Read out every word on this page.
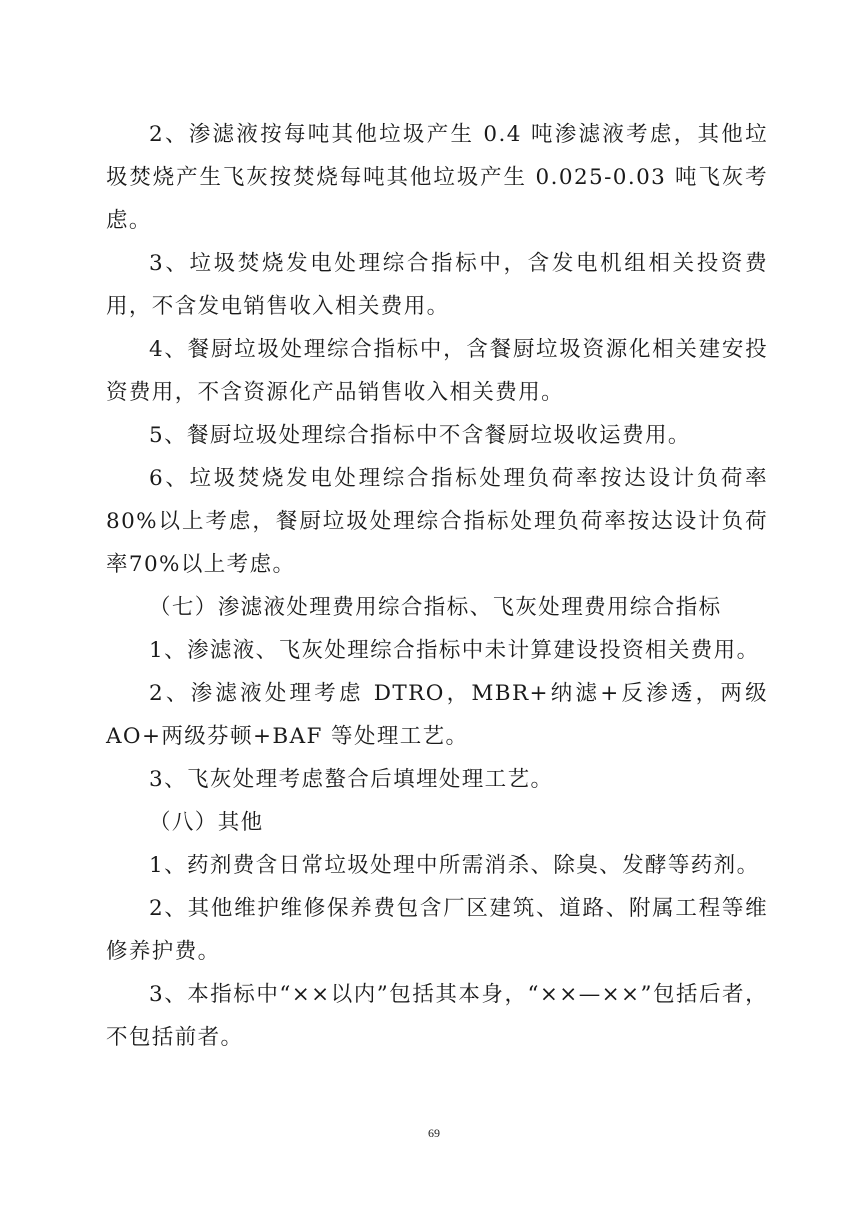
2、渗滤液按每吨其他垃圾产生 0.4 吨渗滤液考虑，其他垃圾焚烧产生飞灰按焚烧每吨其他垃圾产生 0.025-0.03 吨飞灰考虑。

3、垃圾焚烧发电处理综合指标中，含发电机组相关投资费用，不含发电销售收入相关费用。

4、餐厨垃圾处理综合指标中，含餐厨垃圾资源化相关建安投资费用，不含资源化产品销售收入相关费用。

5、餐厨垃圾处理综合指标中不含餐厨垃圾收运费用。

6、垃圾焚烧发电处理综合指标处理负荷率按达设计负荷率80%以上考虑，餐厨垃圾处理综合指标处理负荷率按达设计负荷率70%以上考虑。

（七）渗滤液处理费用综合指标、飞灰处理费用综合指标

1、渗滤液、飞灰处理综合指标中未计算建设投资相关费用。

2、渗滤液处理考虑 DTRO，MBR+纳滤+反渗透，两级 AO+两级芬顿+BAF 等处理工艺。

3、飞灰处理考虑螯合后填埋处理工艺。

（八）其他

1、药剂费含日常垃圾处理中所需消杀、除臭、发酵等药剂。

2、其他维护维修保养费包含厂区建筑、道路、附属工程等维修养护费。

3、本指标中“××以内”包括其本身，“××—××”包括后者，不包括前者。

69
